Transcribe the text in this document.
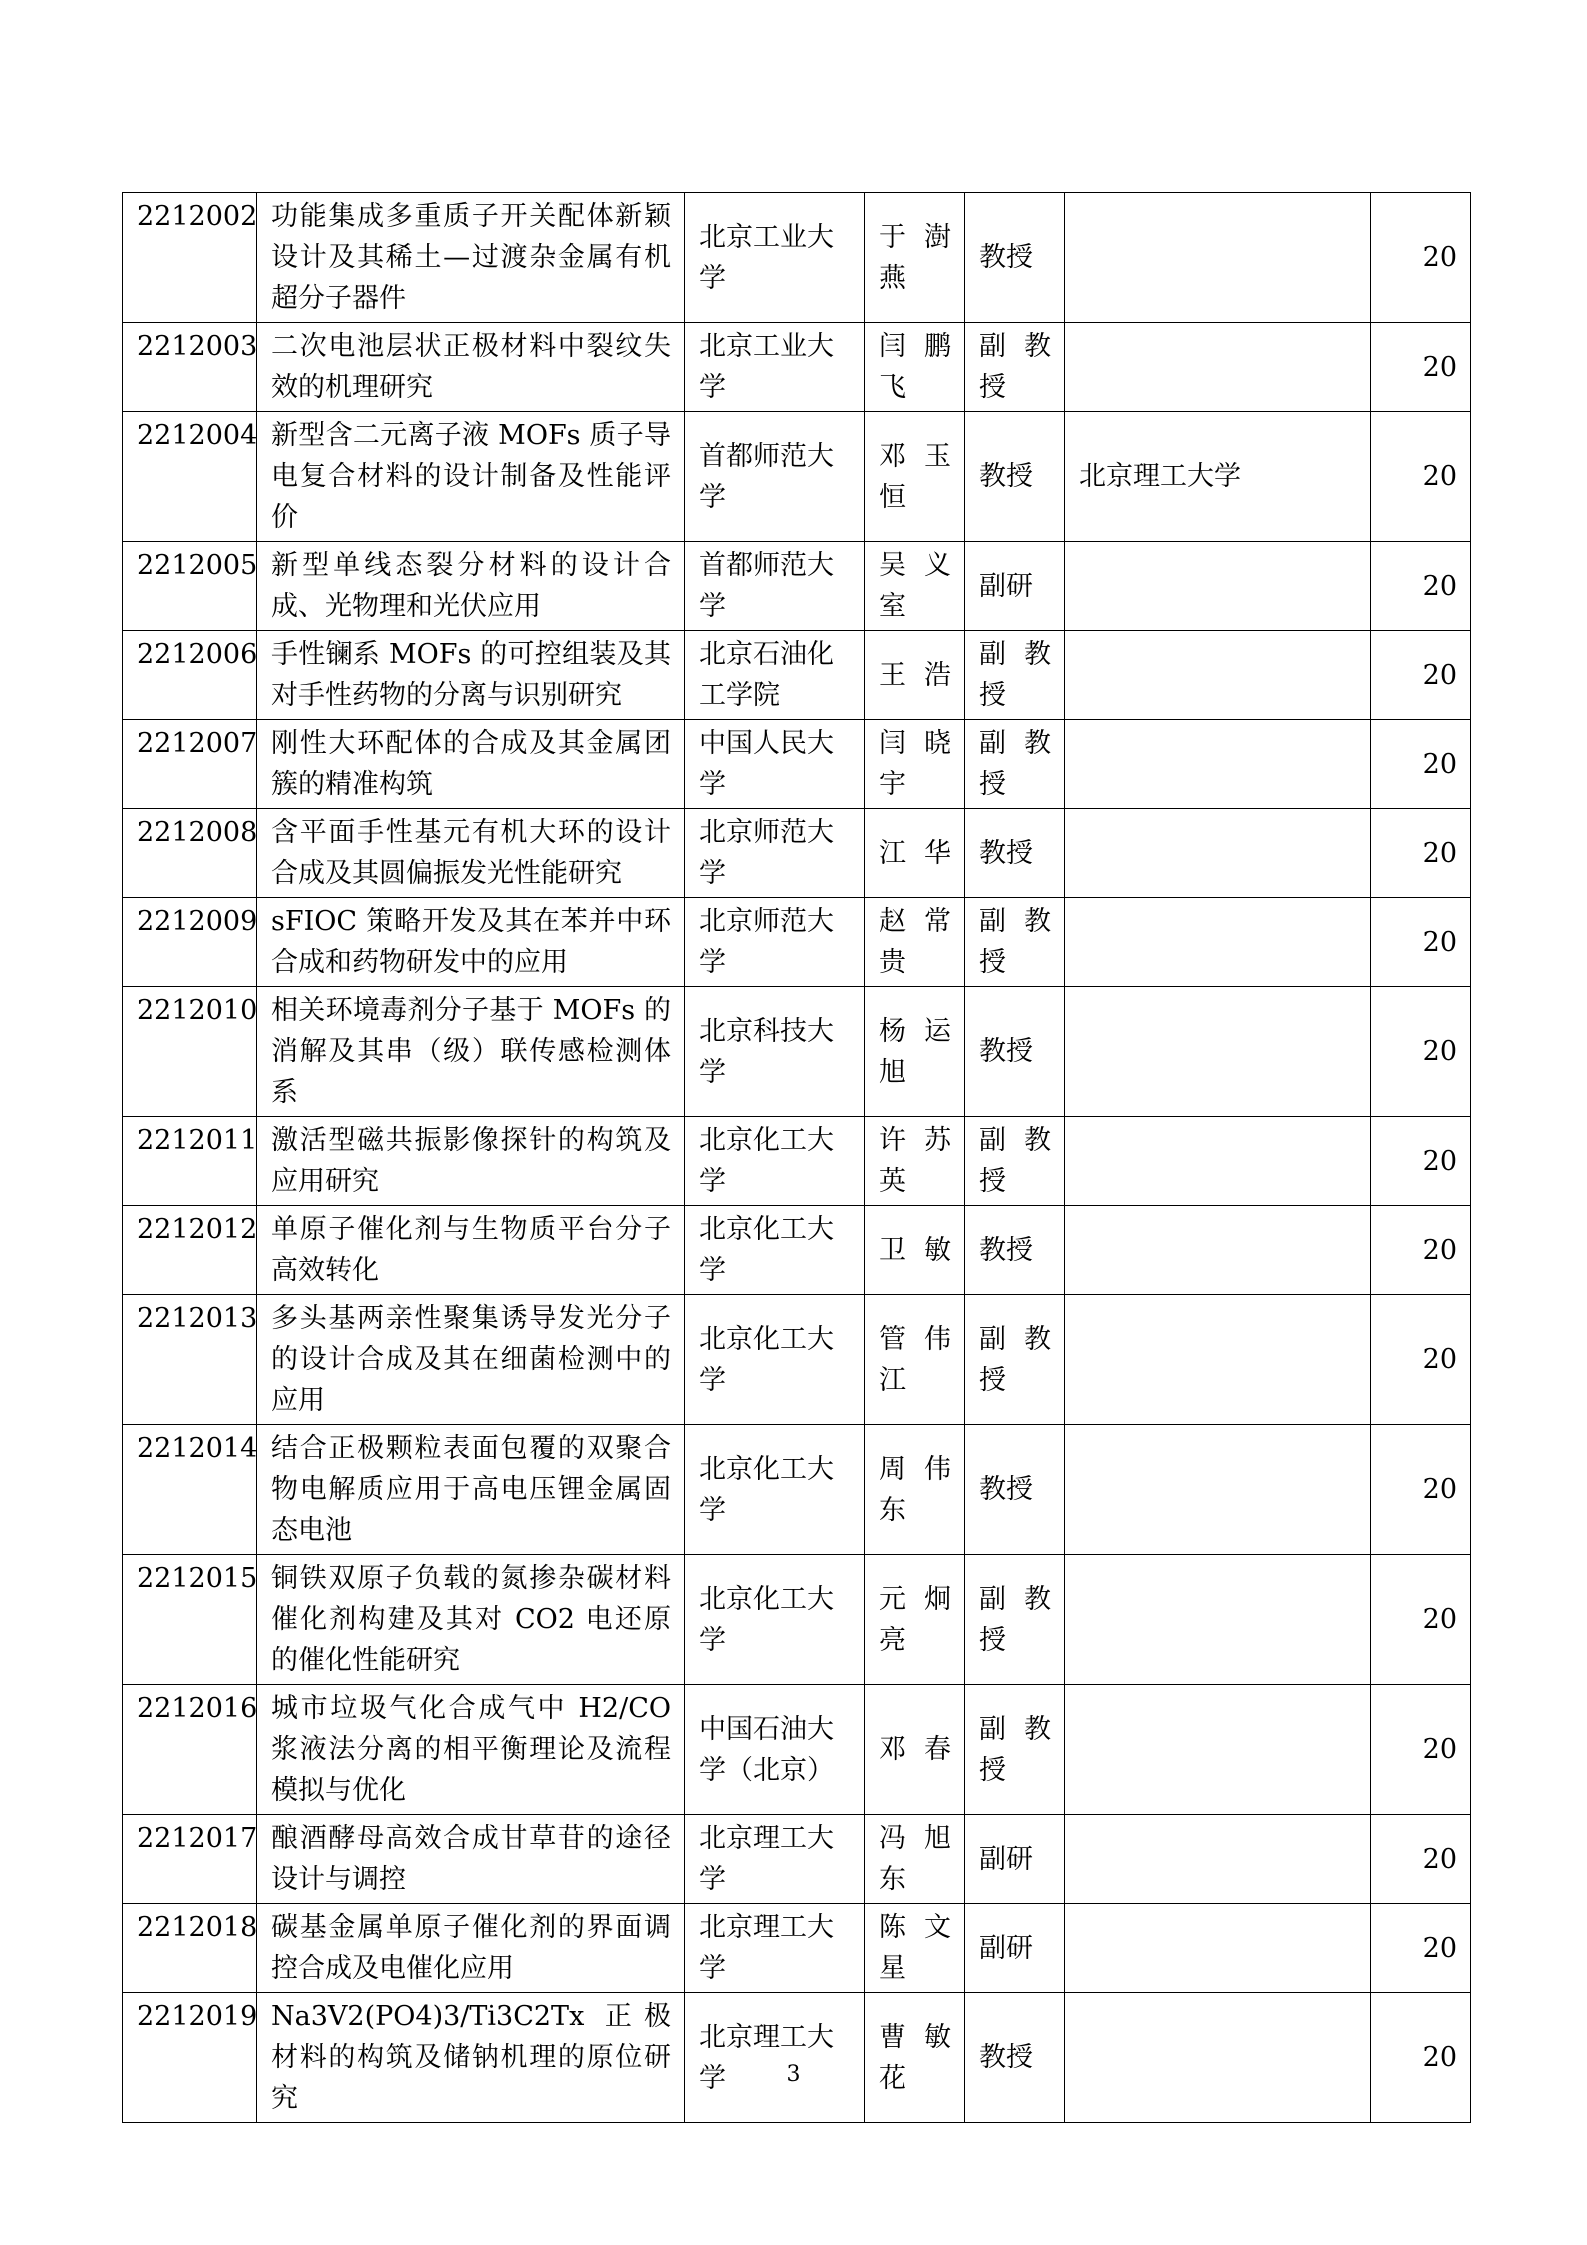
2212002	功能集成多重质子开关配体新颖设计及其稀土—过渡杂金属有机超分子器件	北京工业大学	于澍燕	教授		20
2212003	二次电池层状正极材料中裂纹失效的机理研究	北京工业大学	闫鹏飞	副教授		20
2212004	新型含二元离子液 MOFs 质子导电复合材料的设计制备及性能评价	首都师范大学	邓玉恒	教授	北京理工大学	20
2212005	新型单线态裂分材料的设计合成、光物理和光伏应用	首都师范大学	吴义室	副研		20
2212006	手性镧系 MOFs 的可控组装及其对手性药物的分离与识别研究	北京石油化工学院	王浩	副教授		20
2212007	刚性大环配体的合成及其金属团簇的精准构筑	中国人民大学	闫晓宇	副教授		20
2212008	含平面手性基元有机大环的设计合成及其圆偏振发光性能研究	北京师范大学	江华	教授		20
2212009	sFIOC 策略开发及其在苯并中环合成和药物研发中的应用	北京师范大学	赵常贵	副教授		20
2212010	相关环境毒剂分子基于 MOFs 的消解及其串（级）联传感检测体系	北京科技大学	杨运旭	教授		20
2212011	激活型磁共振影像探针的构筑及应用研究	北京化工大学	许苏英	副教授		20
2212012	单原子催化剂与生物质平台分子高效转化	北京化工大学	卫敏	教授		20
2212013	多头基两亲性聚集诱导发光分子的设计合成及其在细菌检测中的应用	北京化工大学	管伟江	副教授		20
2212014	结合正极颗粒表面包覆的双聚合物电解质应用于高电压锂金属固态电池	北京化工大学	周伟东	教授		20
2212015	铜铁双原子负载的氮掺杂碳材料催化剂构建及其对 CO2 电还原的催化性能研究	北京化工大学	元炯亮	副教授		20
2212016	城市垃圾气化合成气中 H2/CO 浆液法分离的相平衡理论及流程模拟与优化	中国石油大学（北京）	邓春	副教授		20
2212017	酿酒酵母高效合成甘草苷的途径设计与调控	北京理工大学	冯旭东	副研		20
2212018	碳基金属单原子催化剂的界面调控合成及电催化应用	北京理工大学	陈文星	副研		20
2212019	Na3V2(PO4)3/Ti3C2Tx 正极材料的构筑及储钠机理的原位研究	北京理工大学	曹敏花	教授		20
3
